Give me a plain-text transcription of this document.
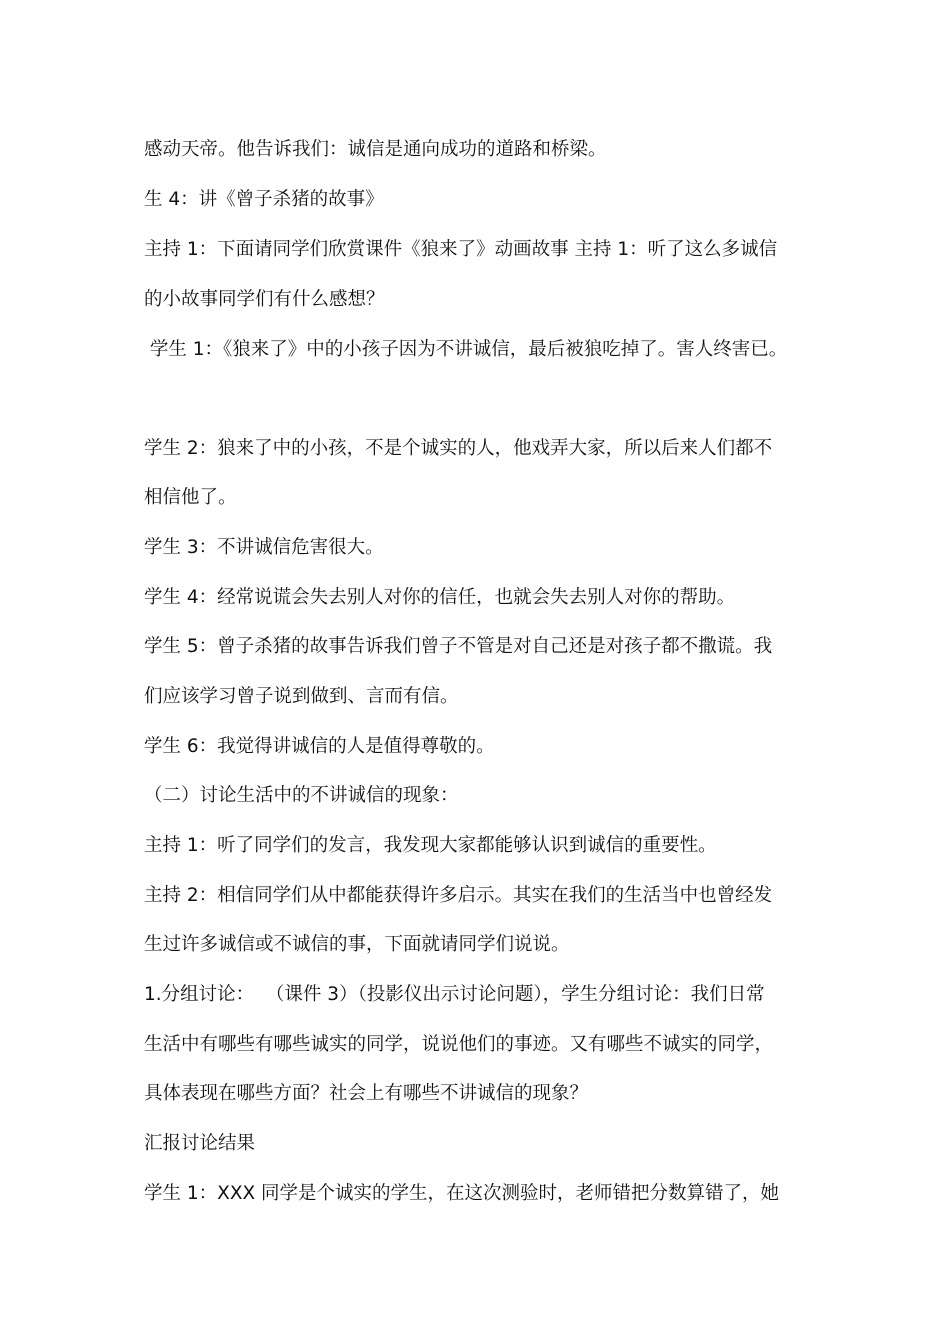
感动天帝。他告诉我们：诚信是通向成功的道路和桥梁。
生 4：讲《曾子杀猪的故事》
主持 1：下面请同学们欣赏课件《狼来了》动画故事 主持 1：听了这么多诚信
的小故事同学们有什么感想？
学生 1：《狼来了》中的小孩子因为不讲诚信，最后被狼吃掉了。害人终害已。
学生 2：狼来了中的小孩，不是个诚实的人，他戏弄大家，所以后来人们都不
相信他了。
学生 3：不讲诚信危害很大。
学生 4：经常说谎会失去别人对你的信任，也就会失去别人对你的帮助。
学生 5：曾子杀猪的故事告诉我们曾子不管是对自己还是对孩子都不撒谎。我
们应该学习曾子说到做到、言而有信。
学生 6：我觉得讲诚信的人是值得尊敬的。
（二）讨论生活中的不讲诚信的现象：
主持 1：听了同学们的发言，我发现大家都能够认识到诚信的重要性。
主持 2：相信同学们从中都能获得许多启示。其实在我们的生活当中也曾经发
生过许多诚信或不诚信的事，下面就请同学们说说。
1.分组讨论：  （课件 3）（投影仪出示讨论问题），学生分组讨论：我们日常
生活中有哪些有哪些诚实的同学，说说他们的事迹。又有哪些不诚实的同学，
具体表现在哪些方面？社会上有哪些不讲诚信的现象？
汇报讨论结果
学生 1：XXX 同学是个诚实的学生，在这次测验时，老师错把分数算错了，她
